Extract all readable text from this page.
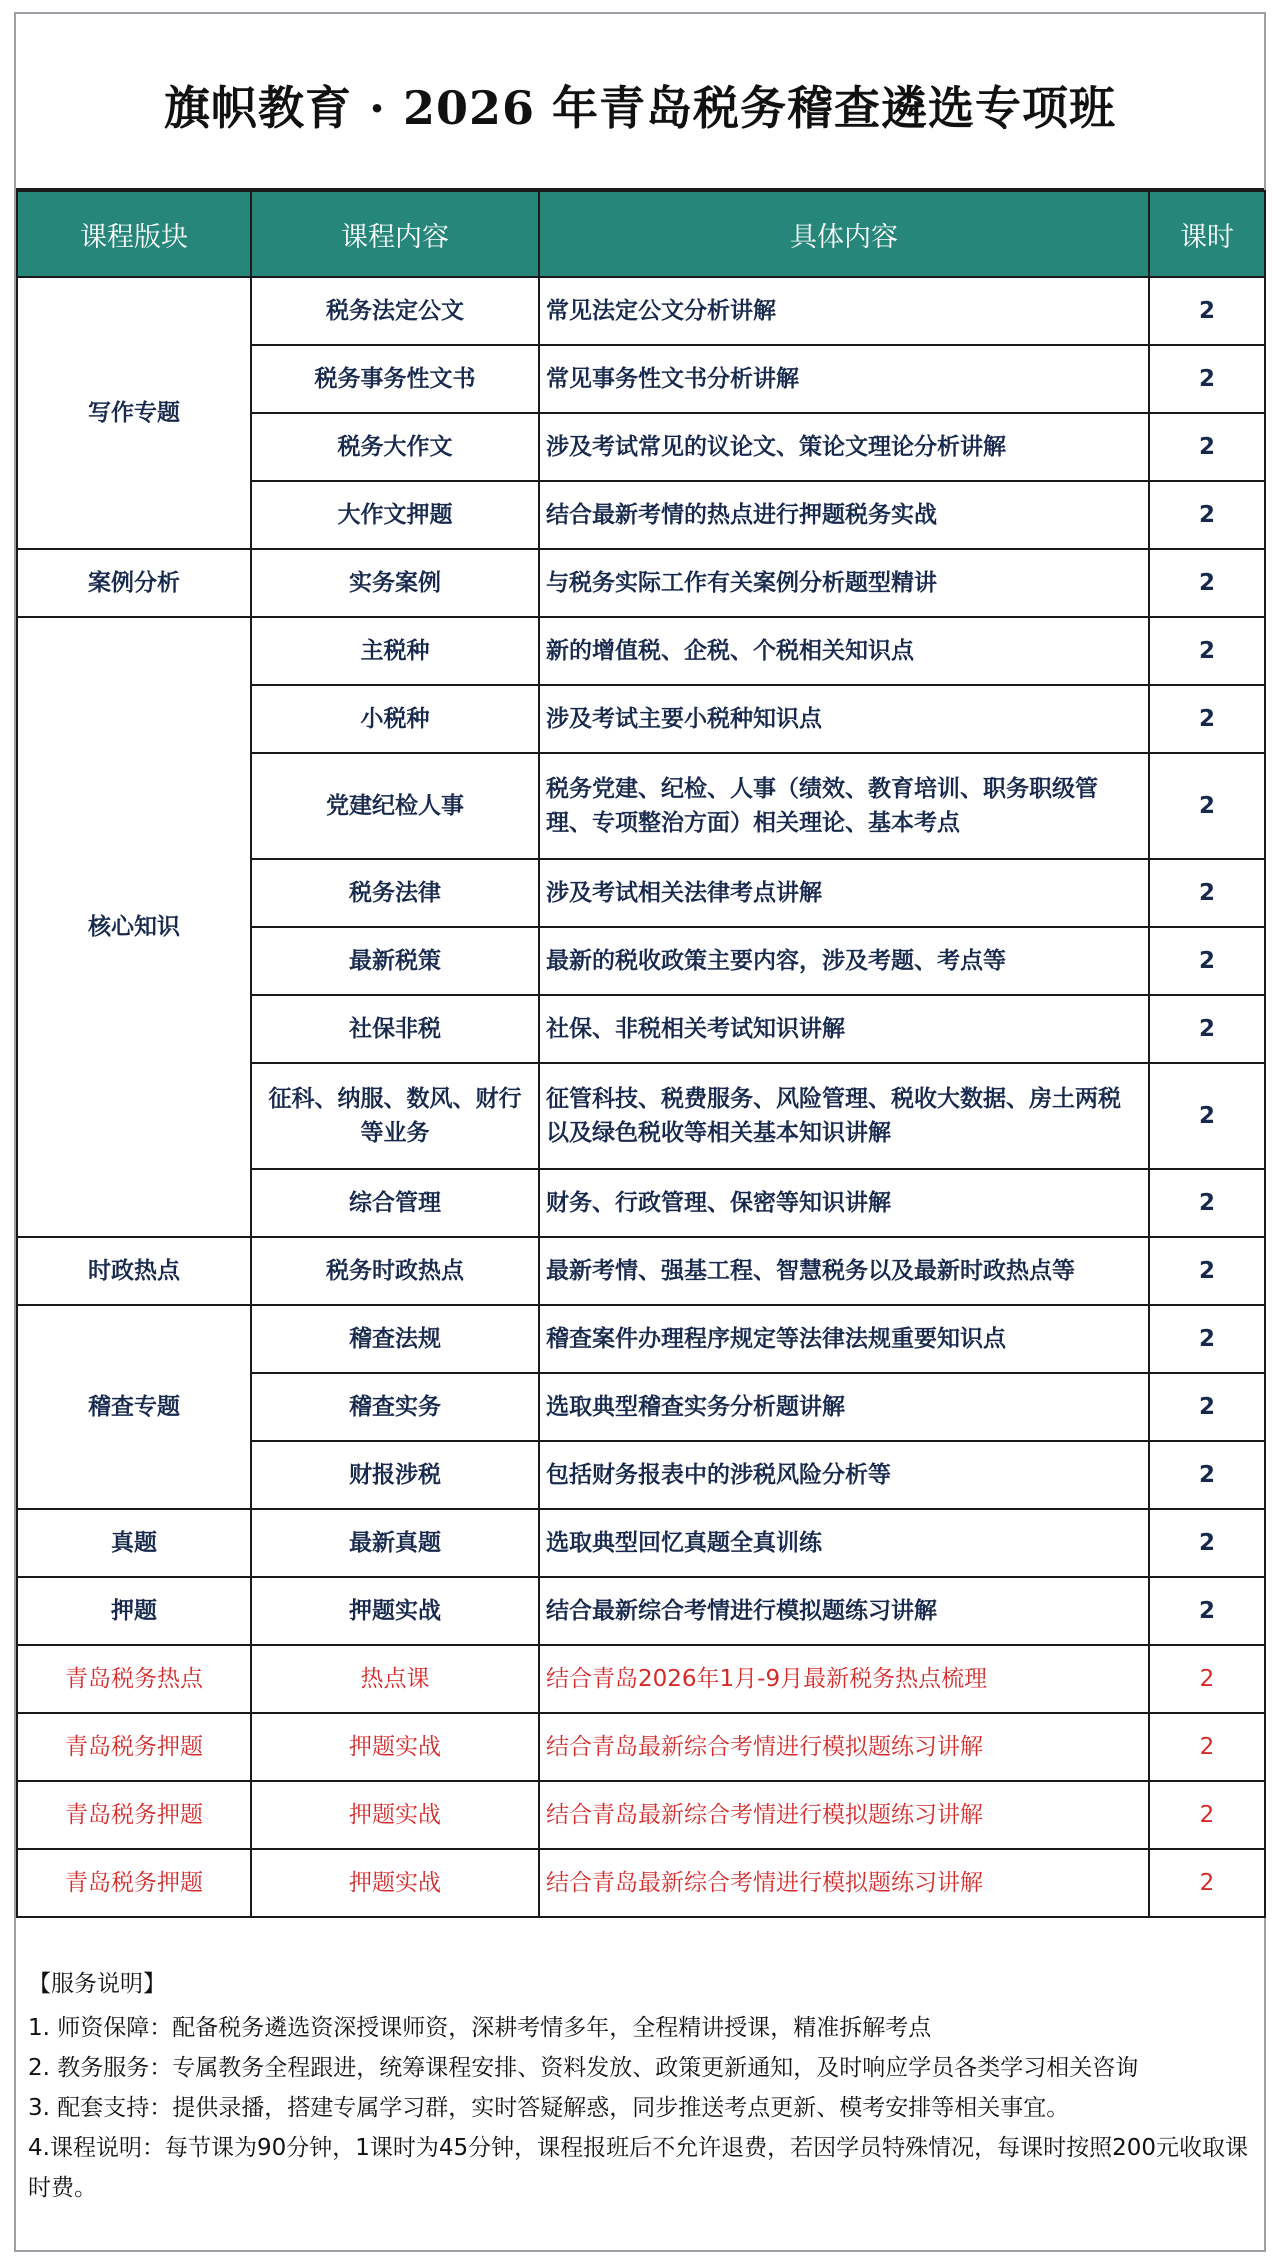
旗帜教育 · 2026 年青岛税务稽查遴选专项班
课程版块	课程内容	具体内容	课时
写作专题	税务法定公文	常见法定公文分析讲解	2
	税务事务性文书	常见事务性文书分析讲解	2
	税务大作文	涉及考试常见的议论文、策论文理论分析讲解	2
	大作文押题	结合最新考情的热点进行押题税务实战	2
案例分析	实务案例	与税务实际工作有关案例分析题型精讲	2
核心知识	主税种	新的增值税、企税、个税相关知识点	2
	小税种	涉及考试主要小税种知识点	2
	党建纪检人事	税务党建、纪检、人事（绩效、教育培训、职务职级管理、专项整治方面）相关理论、基本考点	2
	税务法律	涉及考试相关法律考点讲解	2
	最新税策	最新的税收政策主要内容，涉及考题、考点等	2
	社保非税	社保、非税相关考试知识讲解	2
	征科、纳服、数风、财行等业务	征管科技、税费服务、风险管理、税收大数据、房土两税以及绿色税收等相关基本知识讲解	2
	综合管理	财务、行政管理、保密等知识讲解	2
时政热点	税务时政热点	最新考情、强基工程、智慧税务以及最新时政热点等	2
稽查专题	稽查法规	稽查案件办理程序规定等法律法规重要知识点	2
	稽查实务	选取典型稽查实务分析题讲解	2
	财报涉税	包括财务报表中的涉税风险分析等	2
真题	最新真题	选取典型回忆真题全真训练	2
押题	押题实战	结合最新综合考情进行模拟题练习讲解	2
青岛税务热点	热点课	结合青岛2026年1月-9月最新税务热点梳理	2
青岛税务押题	押题实战	结合青岛最新综合考情进行模拟题练习讲解	2
青岛税务押题	押题实战	结合青岛最新综合考情进行模拟题练习讲解	2
青岛税务押题	押题实战	结合青岛最新综合考情进行模拟题练习讲解	2

【服务说明】

1. 师资保障：配备税务遴选资深授课师资，深耕考情多年，全程精讲授课，精准拆解考点

2. 教务服务：专属教务全程跟进，统筹课程安排、资料发放、政策更新通知，及时响应学员各类学习相关咨询

3. 配套支持：提供录播，搭建专属学习群，实时答疑解惑，同步推送考点更新、模考安排等相关事宜。

4.课程说明：每节课为90分钟，1课时为45分钟，课程报班后不允许退费，若因学员特殊情况，每课时按照200元收取课时费。
